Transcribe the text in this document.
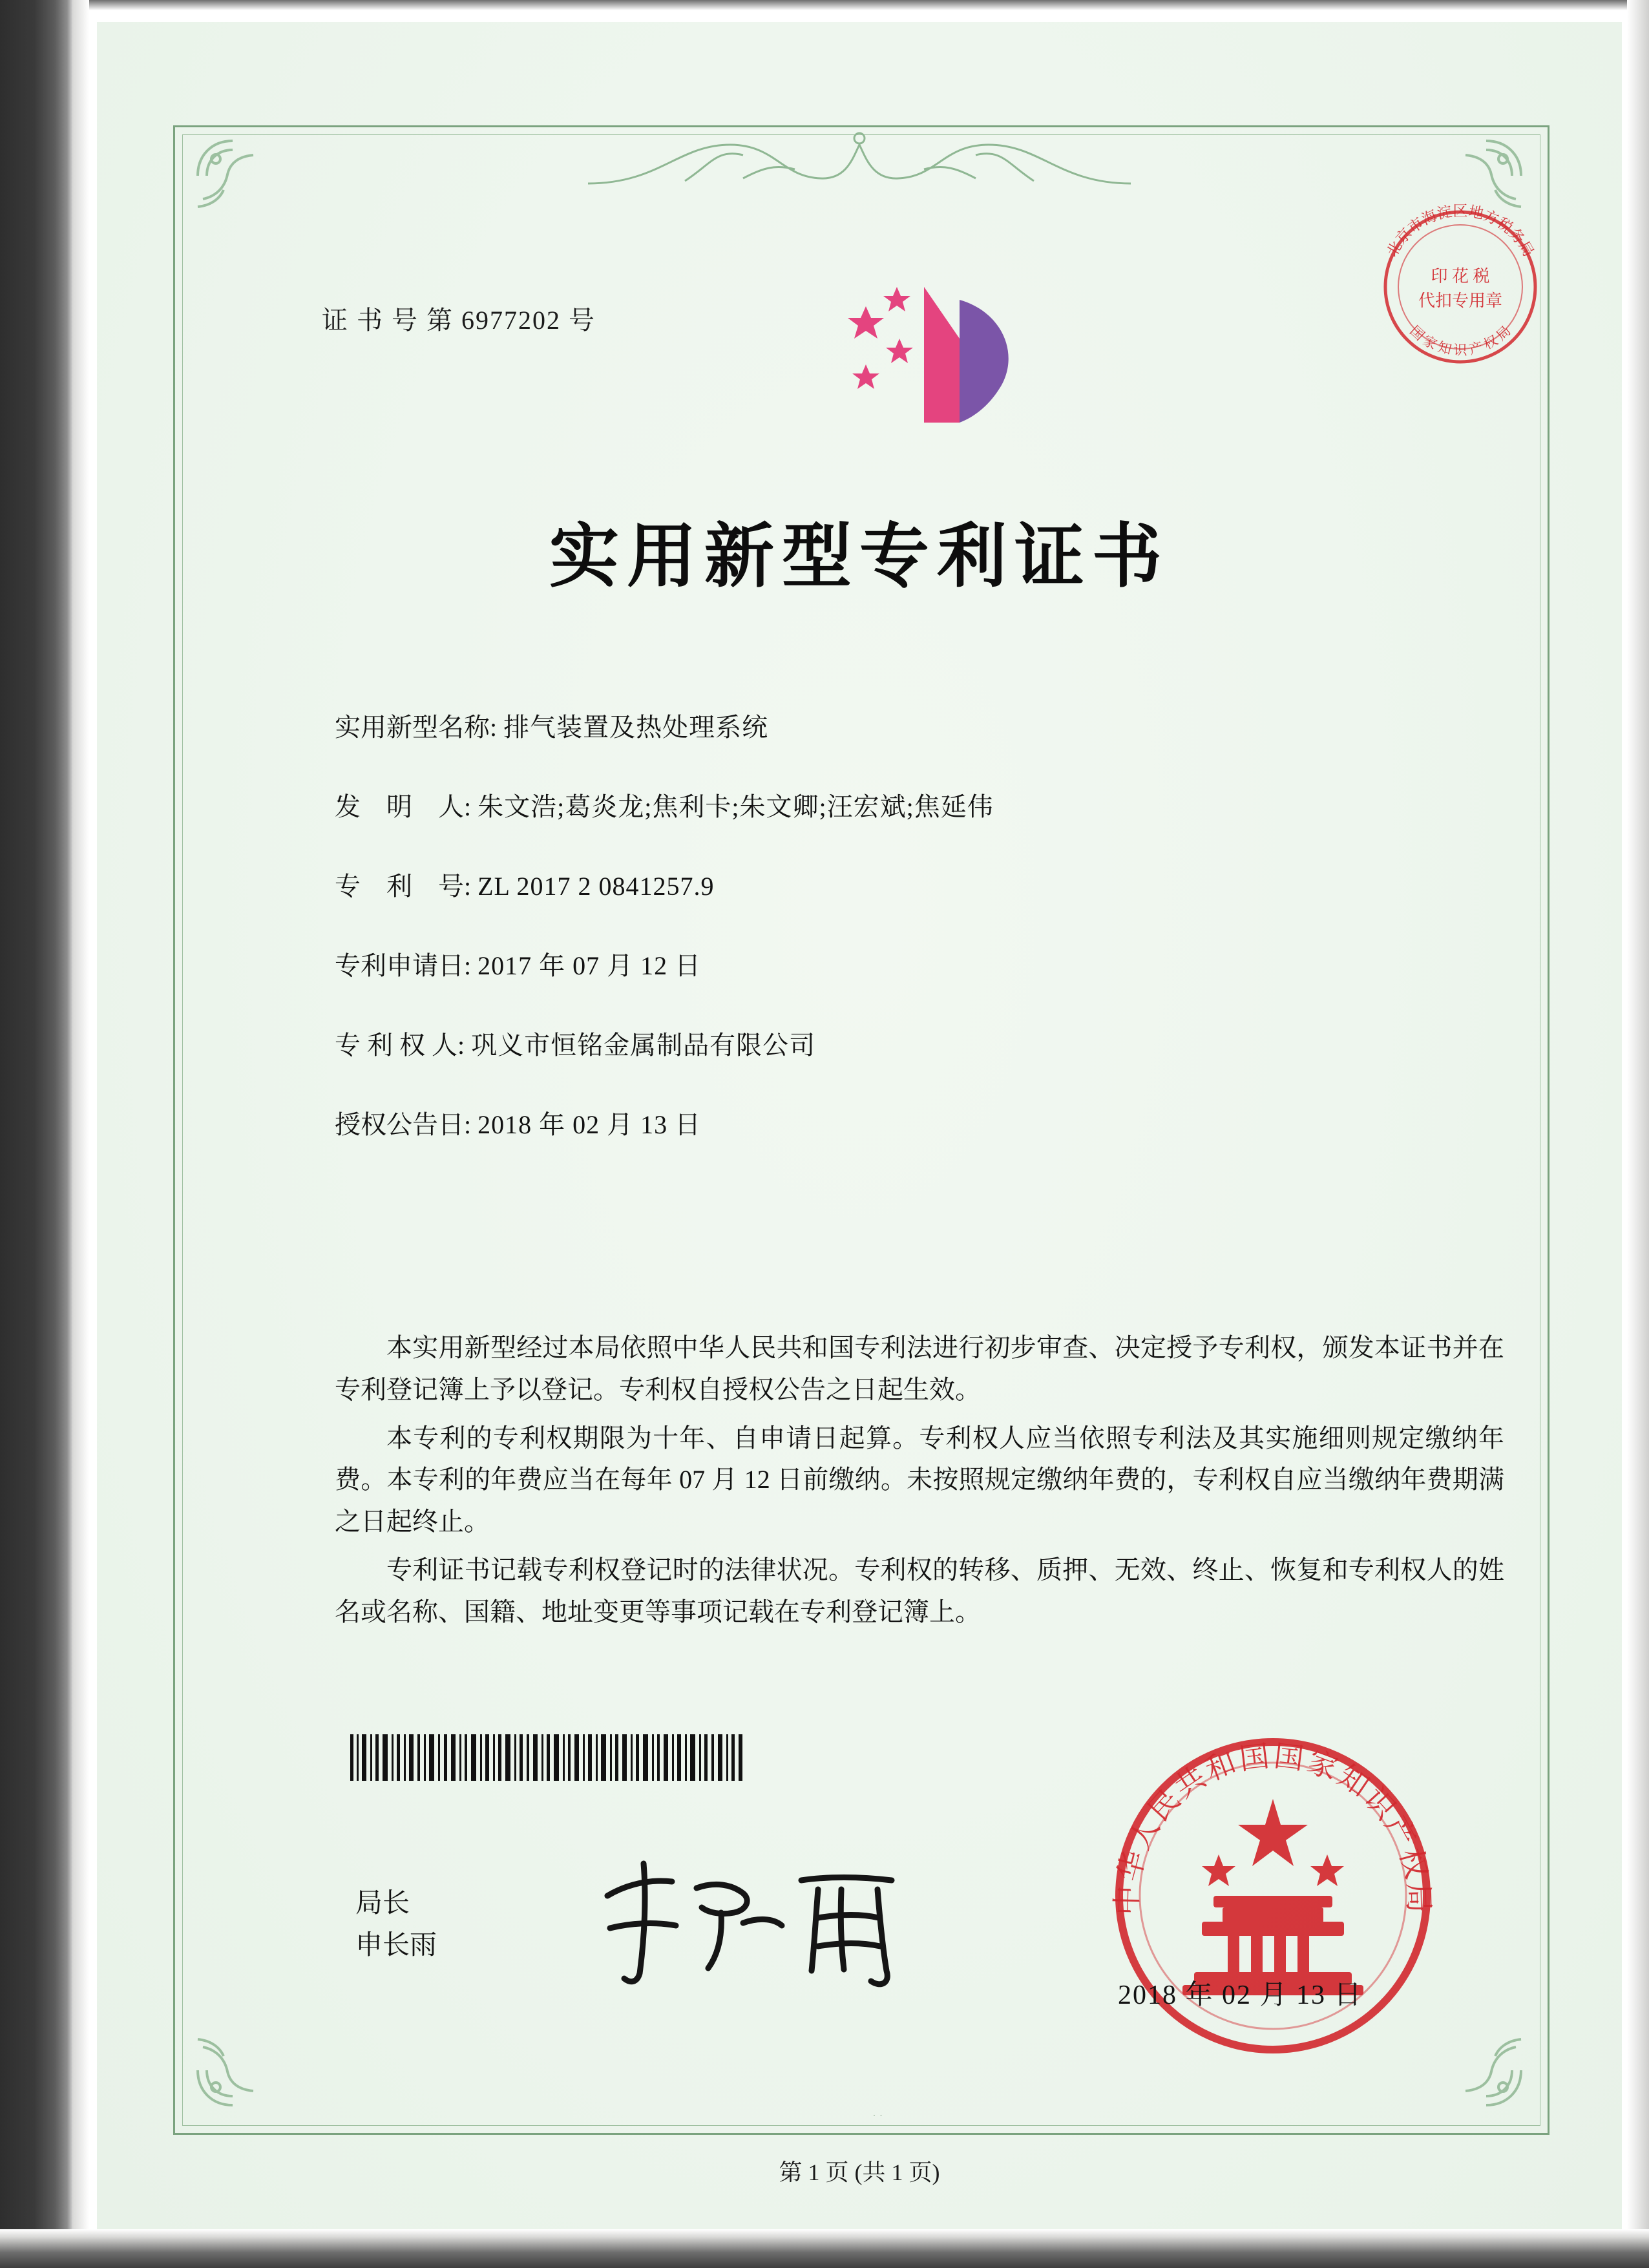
证 书 号 第 6977202 号
北京市海淀区地方税务局
国 家 知 识 产 权 局
印 花 税
代扣专用章
实用新型专利证书
实用新型名称: 排气装置及热处理系统
发　明　人: 朱文浩;葛炎龙;焦利卡;朱文卿;汪宏斌;焦延伟
专　利　号: ZL 2017 2 0841257.9
专利申请日: 2017 年 07 月 12 日
专 利 权 人: 巩义市恒铭金属制品有限公司
授权公告日: 2018 年 02 月 13 日

本实用新型经过本局依照中华人民共和国专利法进行初步审查、决定授予专利权，颁发本证书并在专利登记簿上予以登记。专利权自授权公告之日起生效。

本专利的专利权期限为十年、自申请日起算。专利权人应当依照专利法及其实施细则规定缴纳年费。本专利的年费应当在每年 07 月 12 日前缴纳。未按照规定缴纳年费的，专利权自应当缴纳年费期满之日起终止。

专利证书记载专利权登记时的法律状况。专利权的转移、质押、无效、终止、恢复和专利权人的姓名或名称、国籍、地址变更等事项记载在专利登记簿上。

局长
申长雨
中华人民共和国国家知识产权局
2018 年 02 月 13 日
第 1 页 (共 1 页)
· ·
